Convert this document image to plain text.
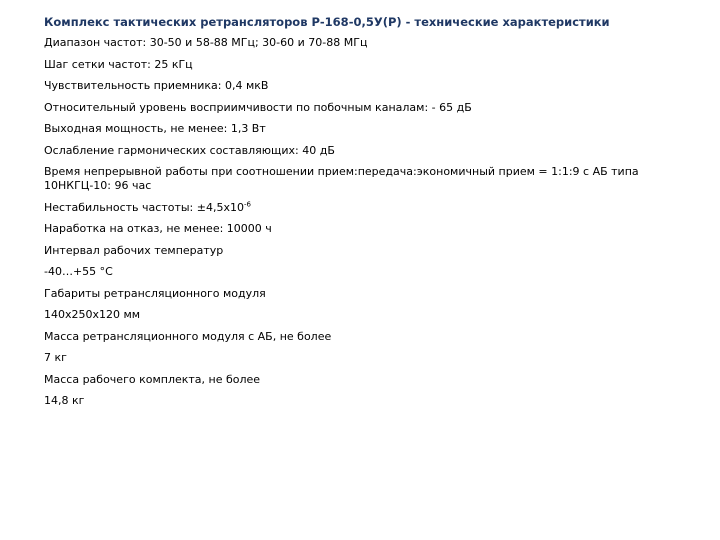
Комплекс тактических ретрансляторов Р-168-0,5У(Р) - технические характеристики
Диапазон частот: 30-50 и 58-88 МГц; 30-60 и 70-88 МГц
Шаг сетки частот: 25 кГц
Чувствительность приемника: 0,4 мкВ
Относительный уровень восприимчивости по побочным каналам: - 65 дБ
Выходная мощность, не менее: 1,3 Вт
Ослабление гармонических составляющих: 40 дБ
Время непрерывной работы при соотношении прием:передача:экономичный прием = 1:1:9 с АБ типа 10НКГЦ-10: 96 час
Нестабильность частоты: $\pm 4,5x10^{-6}$
Наработка на отказ, не менее: 10000 ч
Интервал рабочих температур
-40…+55 °С
Габариты ретрансляционного модуля
140x250x120 мм
Масса ретрансляционного модуля с АБ, не более
7 кг
Масса рабочего комплекта, не более
14,8 кг
